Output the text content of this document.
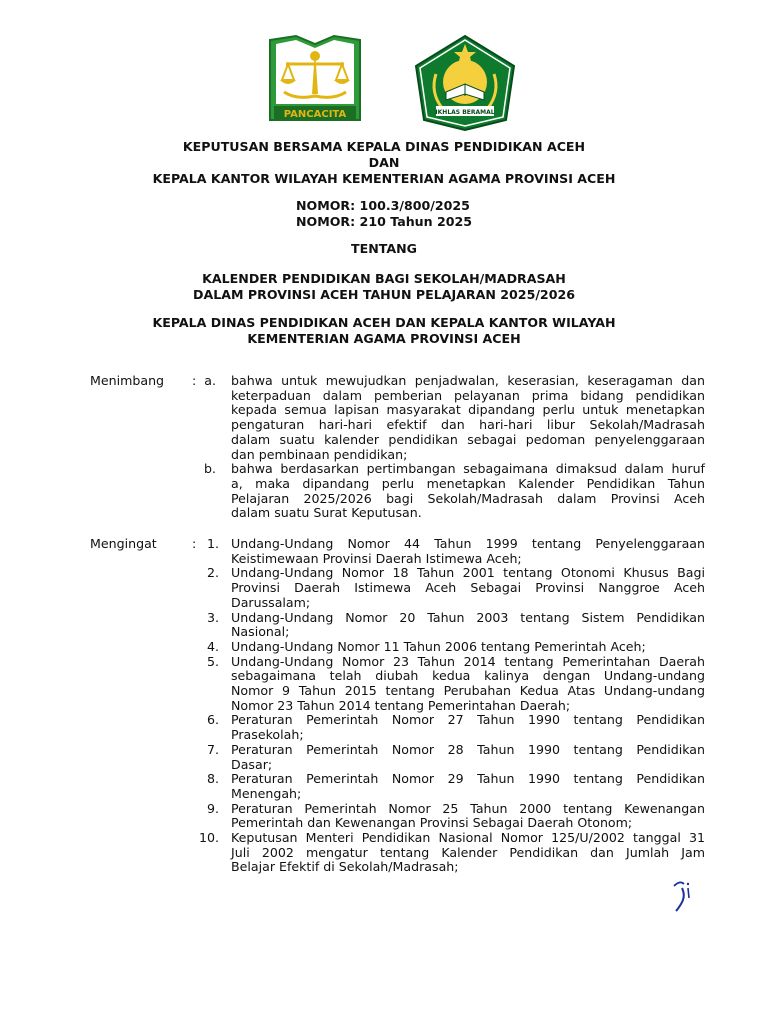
PANCACITA	IKHLAS BERAMAL
KEPUTUSAN BERSAMA KEPALA DINAS PENDIDIKAN ACEH
DAN
KEPALA KANTOR WILAYAH KEMENTERIAN AGAMA PROVINSI ACEH
NOMOR: 100.3/800/2025
NOMOR: 210 Tahun 2025
TENTANG
KALENDER PENDIDIKAN BAGI SEKOLAH/MADRASAH
DALAM PROVINSI ACEH TAHUN PELAJARAN 2025/2026
KEPALA DINAS PENDIDIKAN ACEH DAN KEPALA KANTOR WILAYAH
KEMENTERIAN AGAMA PROVINSI ACEH
Menimbang : a. bahwa untuk mewujudkan penjadwalan, keserasian, keseragaman dan
keterpaduan dalam pemberian pelayanan prima bidang pendidikan
kepada semua lapisan masyarakat dipandang perlu untuk menetapkan
pengaturan hari-hari efektif dan hari-hari libur Sekolah/Madrasah
dalam suatu kalender pendidikan sebagai pedoman penyelenggaraan
dan pembinaan pendidikan;
b. bahwa berdasarkan pertimbangan sebagaimana dimaksud dalam huruf
a, maka dipandang perlu menetapkan Kalender Pendidikan Tahun
Pelajaran 2025/2026 bagi Sekolah/Madrasah dalam Provinsi Aceh
dalam suatu Surat Keputusan.
Mengingat	: 1. Undang-Undang Nomor 44 Tahun 1999 tentang Penyelenggaraan
Keistimewaan Provinsi Daerah Istimewa Aceh;
2. Undang-Undang Nomor 18 Tahun 2001 tentang Otonomi Khusus Bagi
Provinsi Daerah Istimewa Aceh Sebagai Provinsi Nanggroe Aceh
Darussalam;
3. Undang-Undang Nomor 20 Tahun 2003 tentang Sistem Pendidikan
Nasional;
4. Undang-Undang Nomor 11 Tahun 2006 tentang Pemerintah Aceh;
5. Undang-Undang Nomor 23 Tahun 2014 tentang Pemerintahan Daerah
sebagaimana telah diubah kedua kalinya dengan Undang-undang
Nomor 9 Tahun 2015 tentang Perubahan Kedua Atas Undang-undang
Nomor 23 Tahun 2014 tentang Pemerintahan Daerah;
6. Peraturan Pemerintah Nomor 27 Tahun 1990 tentang Pendidikan
Prasekolah;
7. Peraturan Pemerintah Nomor 28 Tahun 1990 tentang Pendidikan
Dasar;
8. Peraturan Pemerintah Nomor 29 Tahun 1990 tentang Pendidikan
Menengah;
9. Peraturan Pemerintah Nomor 25 Tahun 2000 tentang Kewenangan
Pemerintah dan Kewenangan Provinsi Sebagai Daerah Otonom;
10. Keputusan Menteri Pendidikan Nasional Nomor 125/U/2002 tanggal 31
Juli 2002 mengatur tentang Kalender Pendidikan dan Jumlah Jam
Belajar Efektif di Sekolah/Madrasah;
